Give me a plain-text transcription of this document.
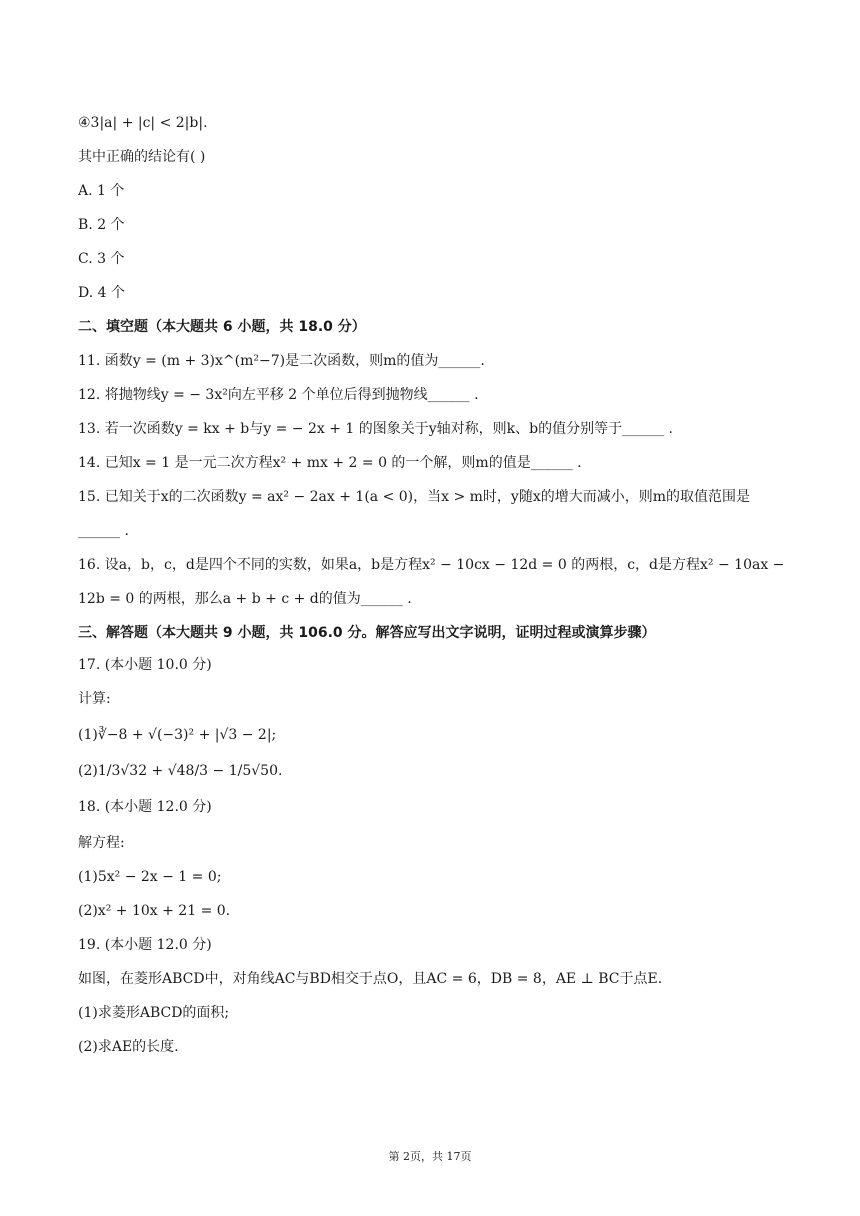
④3|a| + |c| < 2|b|.
其中正确的结论有( )
A. 1 个
B. 2 个
C. 3 个
D. 4 个
二、填空题（本大题共 6 小题，共 18.0 分）
11. 函数y = (m + 3)x^(m²−7)是二次函数，则m的值为______.
12. 将抛物线y = − 3x²向左平移 2 个单位后得到抛物线______ .
13. 若一次函数y = kx + b与y = − 2x + 1 的图象关于y轴对称，则k、b的值分别等于______ .
14. 已知x = 1 是一元二次方程x² + mx + 2 = 0 的一个解，则m的值是______ .
15. 已知关于x的二次函数y = ax² − 2ax + 1(a < 0)，当x > m时，y随x的增大而减小，则m的取值范围是
______ .
16. 设a，b，c，d是四个不同的实数，如果a，b是方程x² − 10cx − 12d = 0 的两根，c，d是方程x² − 10ax −
12b = 0 的两根，那么a + b + c + d的值为______ .
三、解答题（本大题共 9 小题，共 106.0 分。解答应写出文字说明，证明过程或演算步骤）
17. (本小题 10.0 分)
计算:
(1)∛−8 + √(−3)² + |√3 − 2|;
(2)1/3√32 + √48/3 − 1/5√50.
18. (本小题 12.0 分)
解方程:
(1)5x² − 2x − 1 = 0;
(2)x² + 10x + 21 = 0.
19. (本小题 12.0 分)
如图，在菱形ABCD中，对角线AC与BD相交于点O，且AC = 6，DB = 8，AE ⊥ BC于点E.
(1)求菱形ABCD的面积;
(2)求AE的长度.
第 2页，共 17页
